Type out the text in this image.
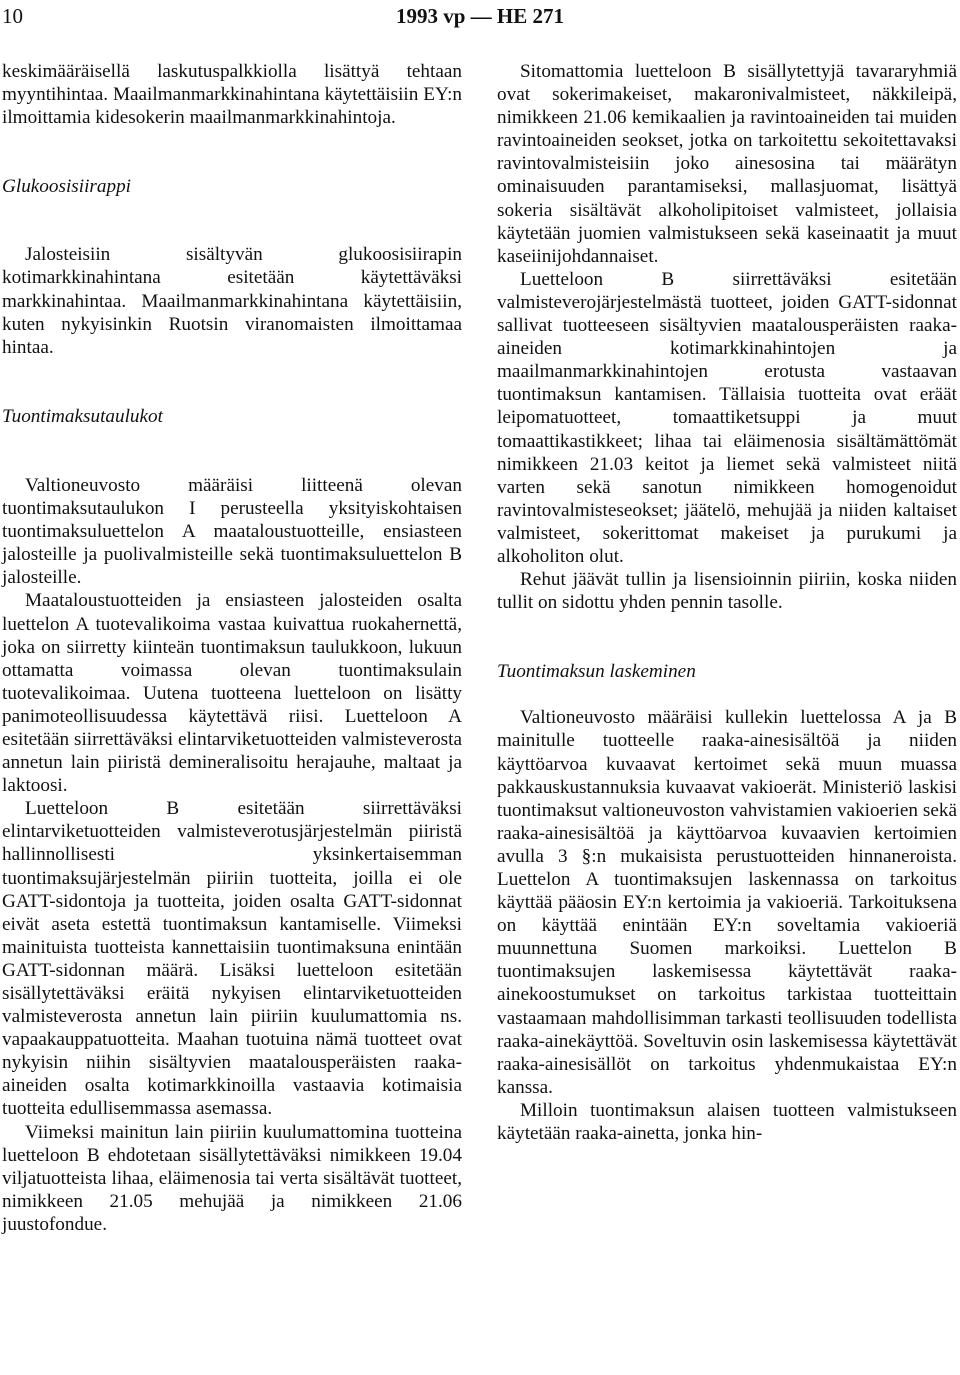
10	1993 vp — HE 271

keskimääräisellä laskutuspalkkiolla lisättyä tehtaan myyntihintaa. Maailmanmarkkinahintana käytettäisiin EY:n ilmoittamia kidesokerin maailmanmarkkinahintoja.

Glukoosisiirappi

Jalosteisiin sisältyvän glukoosisiirapin kotimarkkinahintana esitetään käytettäväksi markkinahintaa. Maailmanmarkkinahintana käytettäisiin, kuten nykyisinkin Ruotsin viranomaisten ilmoittamaa hintaa.

Tuontimaksutaulukot

Valtioneuvosto määräisi liitteenä olevan tuontimaksutaulukon I perusteella yksityiskohtaisen tuontimaksuluettelon A maataloustuotteille, ensiasteen jalosteille ja puolivalmisteille sekä tuontimaksuluettelon B jalosteille.

Maataloustuotteiden ja ensiasteen jalosteiden osalta luettelon A tuotevalikoima vastaa kuivattua ruokahernettä, joka on siirretty kiinteän tuontimaksun taulukkoon, lukuun ottamatta voimassa olevan tuontimaksulain tuotevalikoimaa. Uutena tuotteena luetteloon on lisätty panimoteollisuudessa käytettävä riisi. Luetteloon A esitetään siirrettäväksi elintarviketuotteiden valmisteverosta annetun lain piiristä demineralisoitu herajauhe, maltaat ja laktoosi.

Luetteloon B esitetään siirrettäväksi elintarviketuotteiden valmisteverotusjärjestelmän piiristä hallinnollisesti yksinkertaisemman tuontimaksujärjestelmän piiriin tuotteita, joilla ei ole GATT-sidontoja ja tuotteita, joiden osalta GATT-sidonnat eivät aseta estettä tuontimaksun kantamiselle. Viimeksi mainituista tuotteista kannettaisiin tuontimaksuna enintään GATT-sidonnan määrä. Lisäksi luetteloon esitetään sisällytettäväksi eräitä nykyisen elintarviketuotteiden valmisteverosta annetun lain piiriin kuulumattomia ns. vapaakauppatuotteita. Maahan tuotuina nämä tuotteet ovat nykyisin niihin sisältyvien maatalousperäisten raaka-aineiden osalta kotimarkkinoilla vastaavia kotimaisia tuotteita edullisemmassa asemassa.

Viimeksi mainitun lain piiriin kuulumattomina tuotteina luetteloon B ehdotetaan sisällytettäväksi nimikkeen 19.04 viljatuotteista lihaa, eläimenosia tai verta sisältävät tuotteet, nimikkeen 21.05 mehujää ja nimikkeen 21.06 juustofondue.

Sitomattomia luetteloon B sisällytettyjä tavararyhmiä ovat sokerimakeiset, makaronivalmisteet, näkkileipä, nimikkeen 21.06 kemikaalien ja ravintoaineiden tai muiden ravintoaineiden seokset, jotka on tarkoitettu sekoitettavaksi ravintovalmisteisiin joko ainesosina tai määrätyn ominaisuuden parantamiseksi, mallasjuomat, lisättyä sokeria sisältävät alkoholipitoiset valmisteet, jollaisia käytetään juomien valmistukseen sekä kaseinaatit ja muut kaseiinijohdannaiset.

Luetteloon B siirrettäväksi esitetään valmisteverojärjestelmästä tuotteet, joiden GATT-sidonnat sallivat tuotteeseen sisältyvien maatalousperäisten raaka-aineiden kotimarkkinahintojen ja maailmanmarkkinahintojen erotusta vastaavan tuontimaksun kantamisen. Tällaisia tuotteita ovat eräät leipomatuotteet, tomaattiketsuppi ja muut tomaattikastikkeet; lihaa tai eläimenosia sisältämättömät nimikkeen 21.03 keitot ja liemet sekä valmisteet niitä varten sekä sanotun nimikkeen homogenoidut ravintovalmisteseokset; jäätelö, mehujää ja niiden kaltaiset valmisteet, sokerittomat makeiset ja purukumi ja alkoholiton olut.

Rehut jäävät tullin ja lisensioinnin piiriin, koska niiden tullit on sidottu yhden pennin tasolle.

Tuontimaksun laskeminen

Valtioneuvosto määräisi kullekin luettelossa A ja B mainitulle tuotteelle raaka-ainesisältöä ja niiden käyttöarvoa kuvaavat kertoimet sekä muun muassa pakkauskustannuksia kuvaavat vakioerät. Ministeriö laskisi tuontimaksut valtioneuvoston vahvistamien vakioerien sekä raaka-ainesisältöä ja käyttöarvoa kuvaavien kertoimien avulla 3 §:n mukaisista perustuotteiden hinnaneroista. Luettelon A tuontimaksujen laskennassa on tarkoitus käyttää pääosin EY:n kertoimia ja vakioeriä. Tarkoituksena on käyttää enintään EY:n soveltamia vakioeriä muunnettuna Suomen markoiksi. Luettelon B tuontimaksujen laskemisessa käytettävät raaka-ainekoostumukset on tarkoitus tarkistaa tuotteittain vastaamaan mahdollisimman tarkasti teollisuuden todellista raaka-ainekäyttöä. Soveltuvin osin laskemisessa käytettävät raaka-ainesisällöt on tarkoitus yhdenmukaistaa EY:n kanssa.

Milloin tuontimaksun alaisen tuotteen valmistukseen käytetään raaka-ainetta, jonka hin-
